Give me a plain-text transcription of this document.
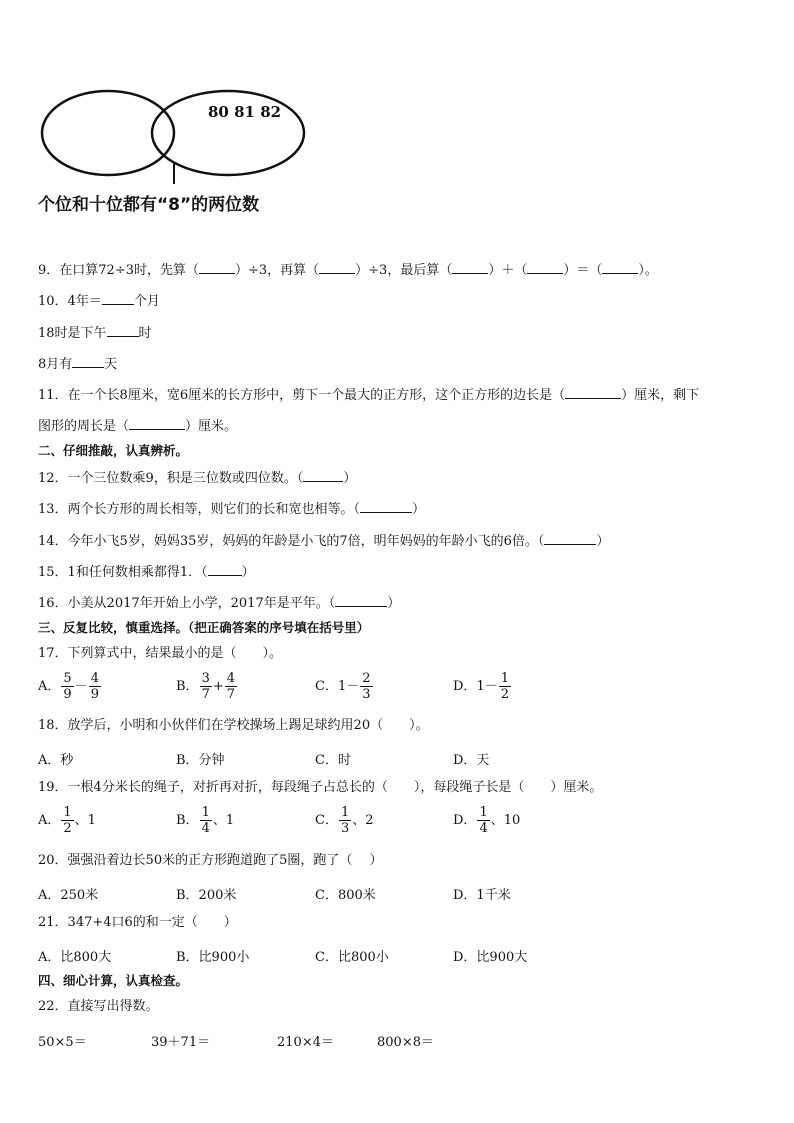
80 81 82
个位和十位都有“8”的两位数
9．在口算72÷3时，先算（	）÷3，再算（	）÷3，最后算（	）＋（	）＝（	）。
10．4年＝ 个月
18时是下午 时
8月有 天
11．在一个长8厘米，宽6厘米的长方形中，剪下一个最大的正方形，这个正方形的边长是（	）厘米，剩下
图形的周长是（	）厘米。
二、仔细推敲，认真辨析。
12．一个三位数乘9，积是三位数或四位数。（	）
13．两个长方形的周长相等，则它们的长和宽也相等。（	）
14．今年小飞5岁，妈妈35岁，妈妈的年龄是小飞的7倍，明年妈妈的年龄小飞的6倍。（	）
15．1和任何数相乘都得1．（	）
16．小美从2017年开始上小学，2017年是平年。（	）
三、反复比较，慎重选择。（把正确答案的序号填在括号里）
17．下列算式中，结果最小的是（　　）。
A． $\frac{5}{9} - \frac{4}{9}$	B． $\frac{3}{7} + \frac{4}{7}$	C．$1- \frac{2}{3}$	D．$1- \frac{1}{2}$
18．放学后，小明和小伙伴们在学校操场上踢足球约用20（　　）。
A．秒	B．分钟	C．时	D．天
19．一根4分米长的绳子，对折再对折，每段绳子占总长的（　　），每段绳子长是（　　）厘米。
A． $\frac{1}{2}$ 、1	B． $\frac{1}{4}$ 、1	C． $\frac{1}{3}$ 、2	D． $\frac{1}{4}$ 、10
20．强强沿着边长50米的正方形跑道跑了5圈，跑了（　 ）
A．250米	B．200米	C．800米	D．1千米
21．347+4口6的和一定（　　）
A．比800大	B．比900小	C．比800小	D．比900大
四、细心计算，认真检查。
22．直接写出得数。
50×5＝	39＋71＝	210×4＝	800×8＝
